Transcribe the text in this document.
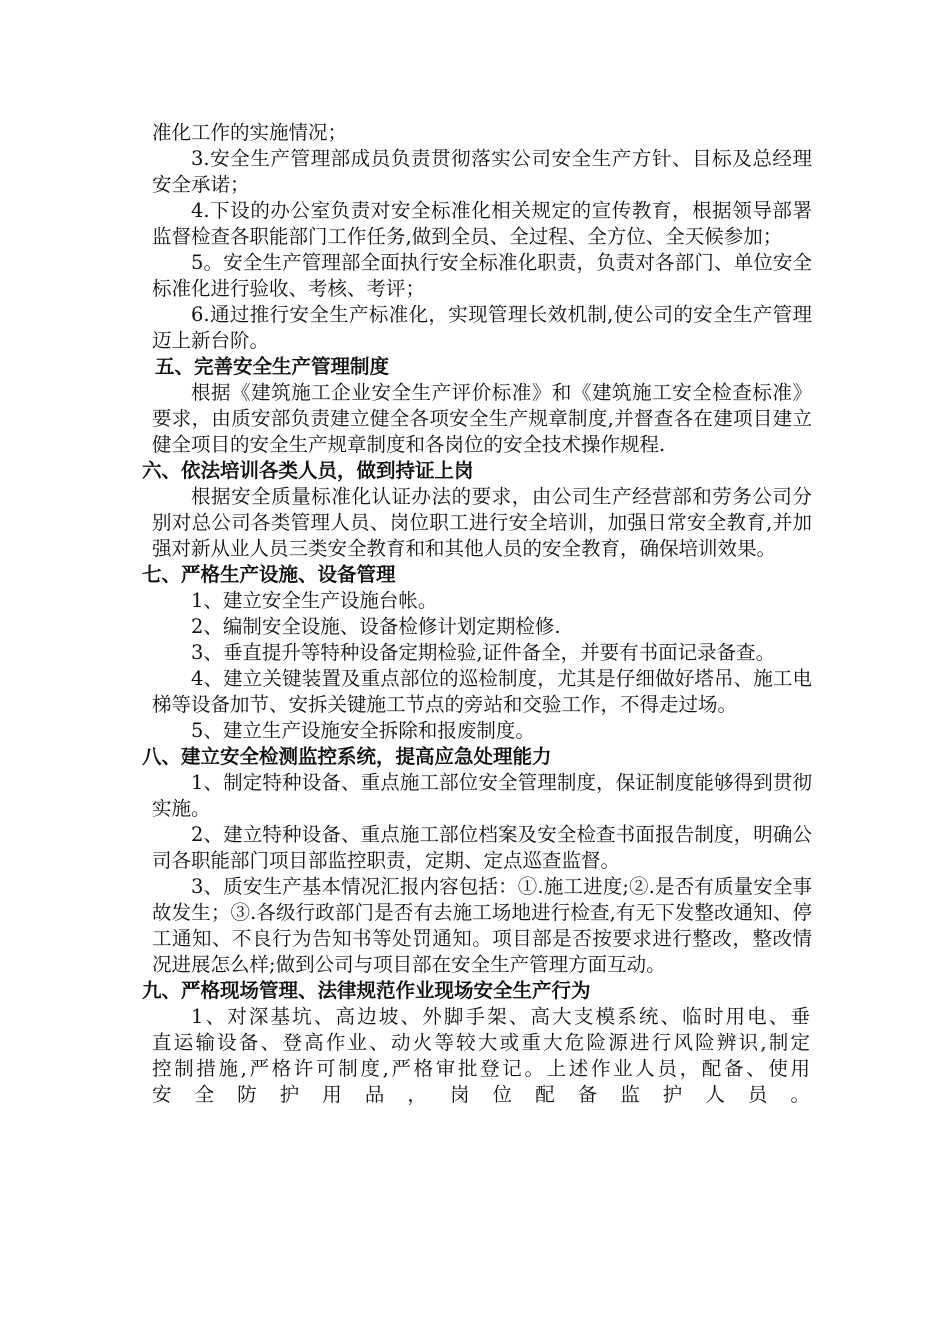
准化工作的实施情况；

3.安全生产管理部成员负责贯彻落实公司安全生产方针、目标及总经理安全承诺；

4.下设的办公室负责对安全标准化相关规定的宣传教育，根据领导部署监督检查各职能部门工作任务,做到全员、全过程、全方位、全天候参加；

5。安全生产管理部全面执行安全标准化职责，负责对各部门、单位安全标准化进行验收、考核、考评；

6.通过推行安全生产标准化，实现管理长效机制,使公司的安全生产管理迈上新台阶。

五、完善安全生产管理制度

根据《建筑施工企业安全生产评价标准》和《建筑施工安全检查标准》要求，由质安部负责建立健全各项安全生产规章制度,并督查各在建项目建立健全项目的安全生产规章制度和各岗位的安全技术操作规程.

六、依法培训各类人员，做到持证上岗

根据安全质量标准化认证办法的要求，由公司生产经营部和劳务公司分别对总公司各类管理人员、岗位职工进行安全培训，加强日常安全教育,并加强对新从业人员三类安全教育和和其他人员的安全教育，确保培训效果。

七、严格生产设施、设备管理

1、建立安全生产设施台帐。

2、编制安全设施、设备检修计划定期检修.

3、垂直提升等特种设备定期检验,证件备全，并要有书面记录备查。

4、建立关键装置及重点部位的巡检制度，尤其是仔细做好塔吊、施工电梯等设备加节、安拆关键施工节点的旁站和交验工作，不得走过场。

5、建立生产设施安全拆除和报废制度。

八、建立安全检测监控系统，提高应急处理能力

1、制定特种设备、重点施工部位安全管理制度，保证制度能够得到贯彻实施。

2、建立特种设备、重点施工部位档案及安全检查书面报告制度，明确公司各职能部门项目部监控职责，定期、定点巡查监督。

3、质安生产基本情况汇报内容包括：①.施工进度;②.是否有质量安全事故发生；③.各级行政部门是否有去施工场地进行检查,有无下发整改通知、停工通知、不良行为告知书等处罚通知。项目部是否按要求进行整改，整改情况进展怎么样;做到公司与项目部在安全生产管理方面互动。

九、严格现场管理、法律规范作业现场安全生产行为

1、对深基坑、高边坡、外脚手架、高大支模系统、临时用电、垂直运输设备、登高作业、动火等较大或重大危险源进行风险辨识,制定控制措施,严格许可制度,严格审批登记。上述作业人员，配备、使用安全防护用品，岗位配备监护人员。
